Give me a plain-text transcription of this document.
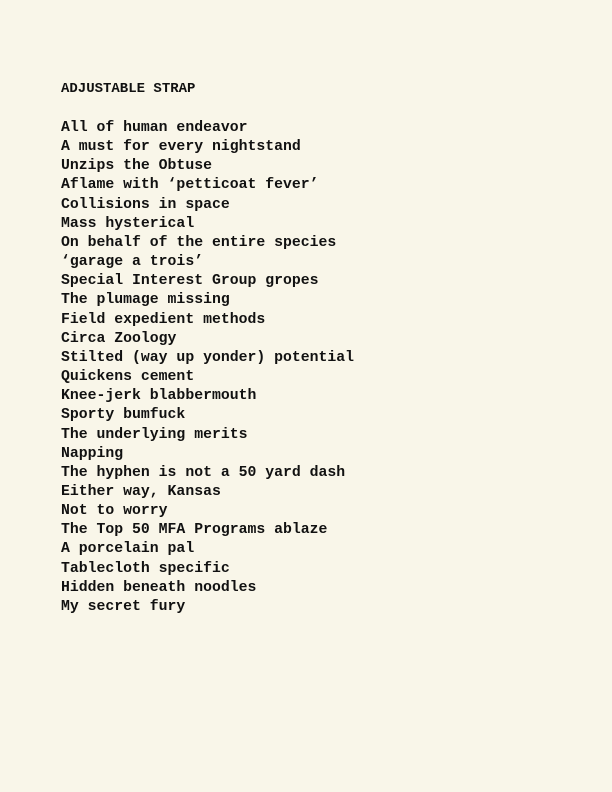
ADJUSTABLE STRAP
All of human endeavor
A must for every nightstand
Unzips the Obtuse
Aflame with ‘petticoat fever’
Collisions in space
Mass hysterical
On behalf of the entire species
‘garage a trois’
Special Interest Group gropes
The plumage missing
Field expedient methods
Circa Zoology
Stilted (way up yonder) potential
Quickens cement
Knee-jerk blabbermouth
Sporty bumfuck
The underlying merits
Napping
The hyphen is not a 50 yard dash
Either way, Kansas
Not to worry
The Top 50 MFA Programs ablaze
A porcelain pal
Tablecloth specific
Hidden beneath noodles
My secret fury
